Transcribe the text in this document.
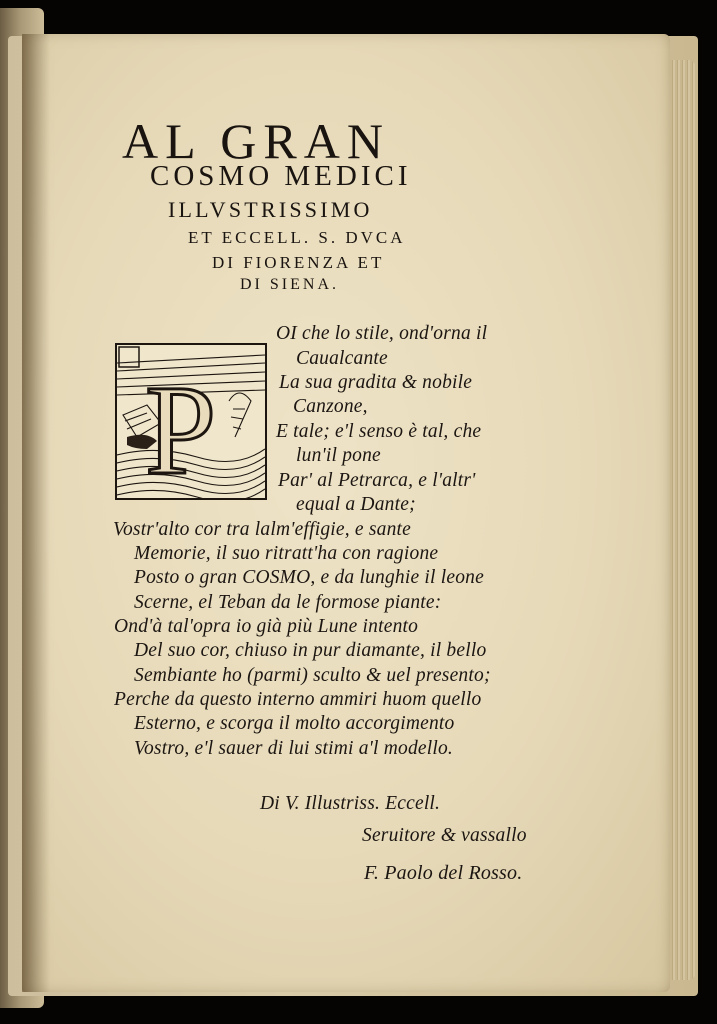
AL GRAN
COSMO MEDICI
ILLVSTRISSIMO
ET ECCELL. S. DVCA
DI FIORENZA ET
DI SIENA.
P
OI che lo stile, ond'orna il
Caualcante
La sua gradita & nobile
Canzone,
E tale; e'l senso è tal, che
lun'il pone
Par' al Petrarca, e l'altr'
equal a Dante;
Vostr'alto cor tra lalm'effigie, e sante
Memorie, il suo ritratt'ha con ragione
Posto o gran COSMO, e da lunghie il leone
Scerne, el Teban da le formose piante:
Ond'à tal'opra io già più Lune intento
Del suo cor, chiuso in pur diamante, il bello
Sembiante ho (parmi) sculto & uel presento;
Perche da questo interno ammiri huom quello
Esterno, e scorga il molto accorgimento
Vostro, e'l sauer di lui stimi a'l modello.
Di V. Illustriss. Eccell.
Seruitore & vassallo
F. Paolo del Rosso.
